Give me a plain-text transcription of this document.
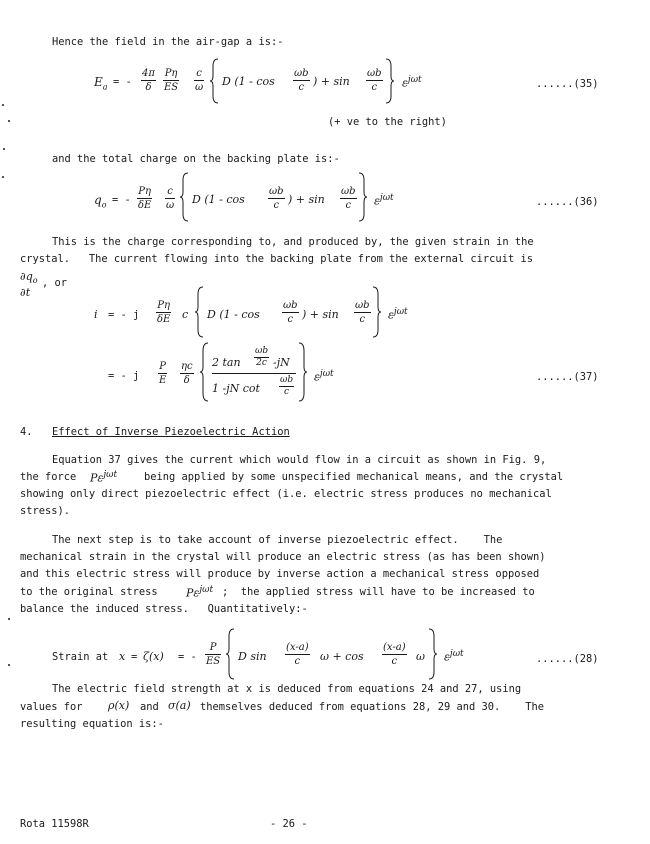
Hence the field in the air-gap a is:-
$E_a$ = -
4π
δ
Pη
ES
c
ω D (1 - cos
ωb
c ) + sin
ωb
c $\varepsilon^{j\omega t}$	......(35)
(+ ve to the right)
and the total charge on the backing plate is:-
$q_o$ = -
Pη
δE
c
ω D (1 - cos
ωb
c ) + sin
ωb
c $\varepsilon^{j\omega t}$	......(36)
This is the charge corresponding to, and produced by, the given strain in the
crystal.   The current flowing into the backing plate from the external circuit is
$\partial q_o$
∂t
, or
i = - j
Pη
δE c D (1 - cos
ωb
c ) + sin
ωb
c $\varepsilon^{j\omega t}$
= - j
P
E
ηc
δ
2 tan
ωb
2c -jN
1 -jN cot
ωb
c
$\varepsilon^{j\omega t}$	......(37)
4. Effect of Inverse Piezoelectric Action
Equation 37 gives the current which would flow in a circuit as shown in Fig. 9,
the force $P\varepsilon^{j\omega t}$	being applied by some unspecified mechanical means, and the crystal
showing only direct piezoelectric effect (i.e. electric stress produces no mechanical
stress).
The next step is to take account of inverse piezoelectric effect.    The
mechanical strain in the crystal will produce an electric stress (as has been shown)
and this electric stress will produce by inverse action a mechanical stress opposed
to the original stress	$P\varepsilon^{j\omega t}$ ;  the applied stress will have to be increased to
balance the induced stress.   Quantitatively:-
Strain at x = ζ(x) = -
P
ES D sin
(x-a)
c ω + cos
(x-a)
c ω $\varepsilon^{j\omega t}$	......(28)
The electric field strength at x is deduced from equations 24 and 27, using
values for ρ(x) and σ(a) themselves deduced from equations 28, 29 and 30.    The
resulting equation is:-
Rota 11598R	- 26 -
